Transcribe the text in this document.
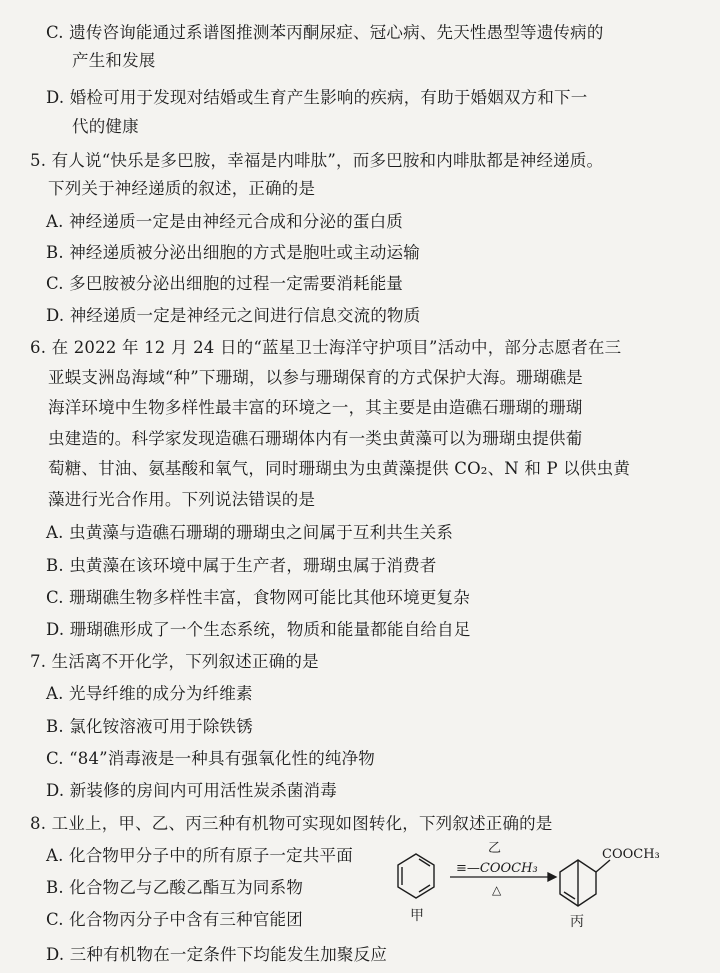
C. 遗传咨询能通过系谱图推测苯丙酮尿症、冠心病、先天性愚型等遗传病的
产生和发展
D. 婚检可用于发现对结婚或生育产生影响的疾病，有助于婚姻双方和下一
代的健康
5. 有人说“快乐是多巴胺，幸福是内啡肽”，而多巴胺和内啡肽都是神经递质。
下列关于神经递质的叙述，正确的是
A. 神经递质一定是由神经元合成和分泌的蛋白质
B. 神经递质被分泌出细胞的方式是胞吐或主动运输
C. 多巴胺被分泌出细胞的过程一定需要消耗能量
D. 神经递质一定是神经元之间进行信息交流的物质
6. 在 2022 年 12 月 24 日的“蓝星卫士海洋守护项目”活动中，部分志愿者在三
亚蜈支洲岛海域“种”下珊瑚，以参与珊瑚保育的方式保护大海。珊瑚礁是
海洋环境中生物多样性最丰富的环境之一，其主要是由造礁石珊瑚的珊瑚
虫建造的。科学家发现造礁石珊瑚体内有一类虫黄藻可以为珊瑚虫提供葡
萄糖、甘油、氨基酸和氧气，同时珊瑚虫为虫黄藻提供 CO₂、N 和 P 以供虫黄
藻进行光合作用。下列说法错误的是
A. 虫黄藻与造礁石珊瑚的珊瑚虫之间属于互利共生关系
B. 虫黄藻在该环境中属于生产者，珊瑚虫属于消费者
C. 珊瑚礁生物多样性丰富，食物网可能比其他环境更复杂
D. 珊瑚礁形成了一个生态系统，物质和能量都能自给自足
7. 生活离不开化学，下列叙述正确的是
A. 光导纤维的成分为纤维素
B. 氯化铵溶液可用于除铁锈
C. “84”消毒液是一种具有强氧化性的纯净物
D. 新装修的房间内可用活性炭杀菌消毒
8. 工业上，甲、乙、丙三种有机物可实现如图转化，下列叙述正确的是
A. 化合物甲分子中的所有原子一定共平面
B. 化合物乙与乙酸乙酯互为同系物
C. 化合物丙分子中含有三种官能团
D. 三种有机物在一定条件下均能发生加聚反应
甲
乙
≡—COOCH₃
△
COOCH₃
丙
